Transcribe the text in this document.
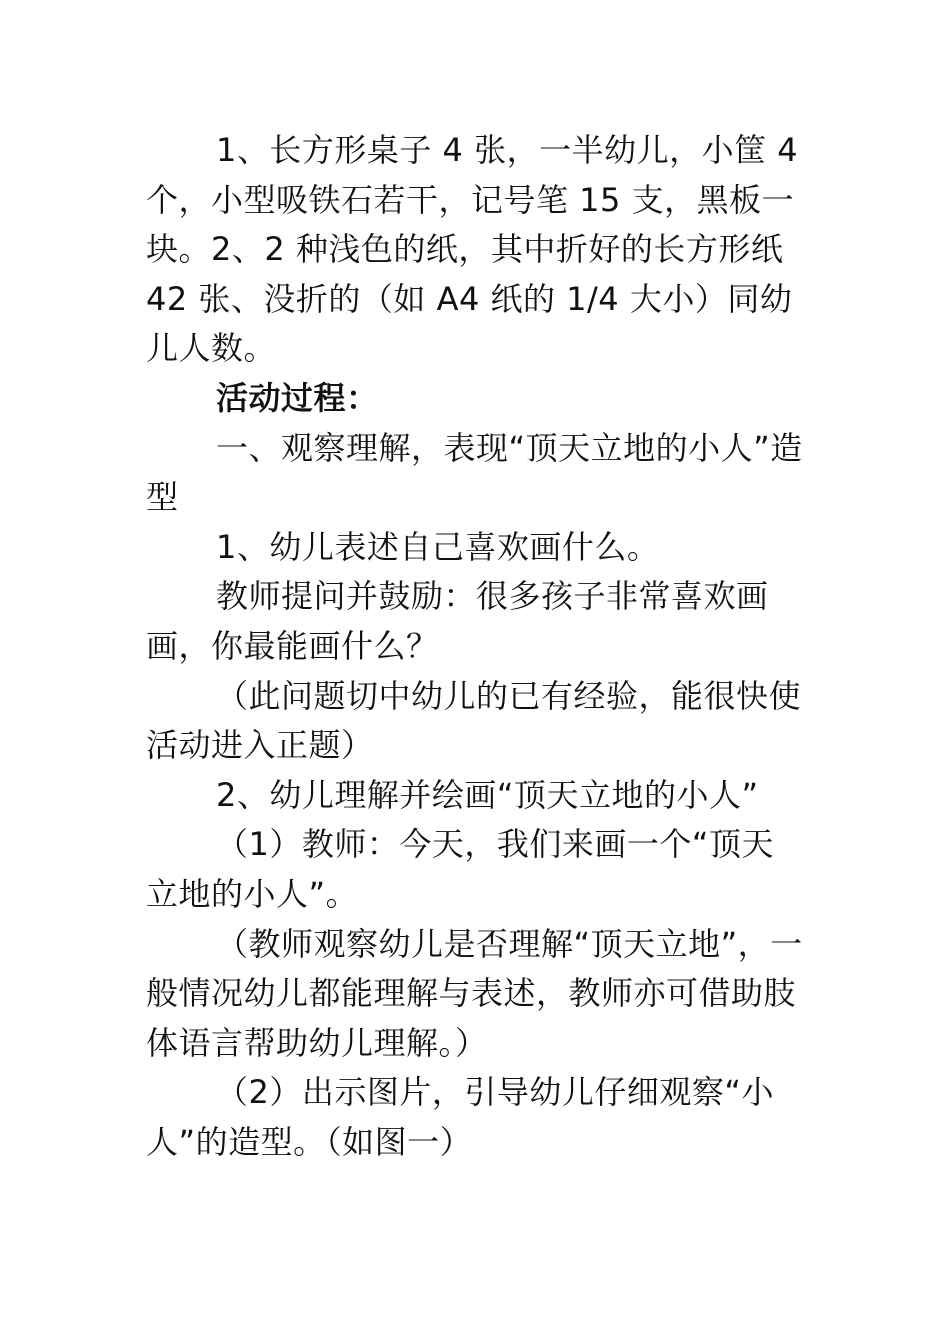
1、长方形桌子 4 张，一半幼儿，小筐 4 个，小型吸铁石若干，记号笔 15 支，黑板一块。2、2 种浅色的纸，其中折好的长方形纸 42 张、没折的（如 A4 纸的 1/4 大小）同幼儿人数。

活动过程：

一、观察理解，表现“顶天立地的小人”造型

1、幼儿表述自己喜欢画什么。

教师提问并鼓励：很多孩子非常喜欢画画，你最能画什么？

（此问题切中幼儿的已有经验，能很快使活动进入正题）

2、幼儿理解并绘画“顶天立地的小人”

（1）教师：今天，我们来画一个“顶天立地的小人”。

（教师观察幼儿是否理解“顶天立地”，一般情况幼儿都能理解与表述，教师亦可借助肢体语言帮助幼儿理解。）

（2）出示图片，引导幼儿仔细观察“小人”的造型。（如图一）
